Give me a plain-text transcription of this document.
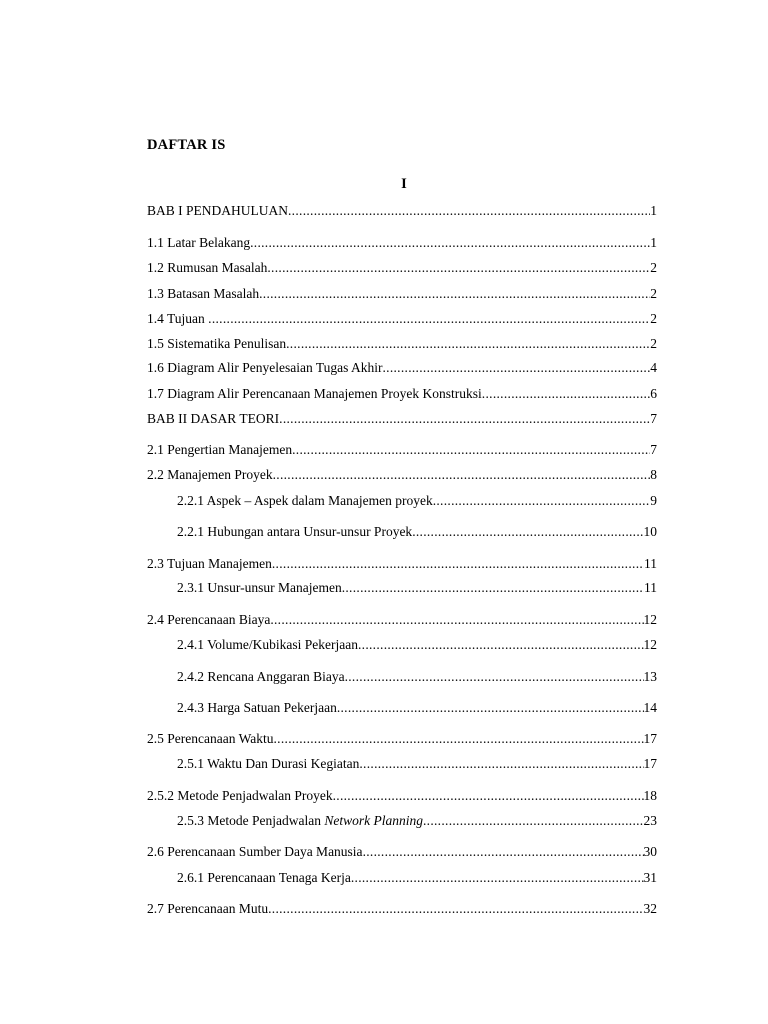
DAFTAR IS
I
BAB I PENDAHULUAN .....	1
1.1 Latar Belakang .....	1
1.2 Rumusan Masalah .....	2
1.3 Batasan Masalah .....	2
1.4 Tujuan .....	2
1.5 Sistematika Penulisan .....	2
1.6 Diagram Alir Penyelesaian Tugas Akhir .....	4
1.7 Diagram Alir Perencanaan Manajemen Proyek Konstruksi .....	6
BAB II DASAR TEORI .....	7
2.1 Pengertian Manajemen .....	7
2.2 Manajemen Proyek .....	8
2.2.1 Aspek – Aspek dalam Manajemen proyek .....	9
2.2.1 Hubungan antara Unsur-unsur Proyek .....	10
2.3 Tujuan Manajemen .....	11
2.3.1 Unsur-unsur Manajemen .....	11
2.4 Perencanaan Biaya .....	12
2.4.1 Volume/Kubikasi Pekerjaan .....	12
2.4.2 Rencana Anggaran Biaya .....	13
2.4.3 Harga Satuan Pekerjaan .....	14
2.5 Perencanaan Waktu .....	17
2.5.1 Waktu Dan Durasi Kegiatan .....	17
2.5.2 Metode Penjadwalan Proyek .....	18
2.5.3 Metode Penjadwalan Network Planning .....	23
2.6 Perencanaan Sumber Daya Manusia .....	30
2.6.1 Perencanaan Tenaga Kerja .....	31
2.7 Perencanaan Mutu .....	32
